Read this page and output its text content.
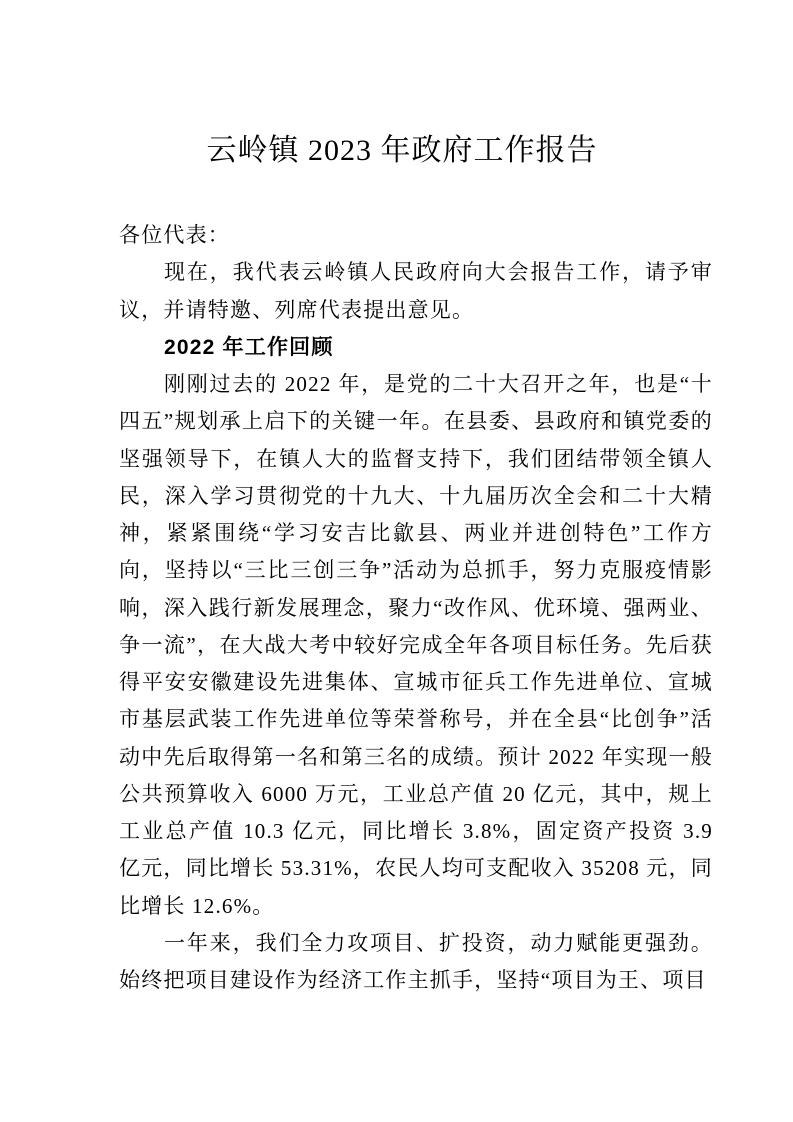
云岭镇 2023 年政府工作报告

各位代表：

现在，我代表云岭镇人民政府向大会报告工作，请予审议，并请特邀、列席代表提出意见。

2022 年工作回顾

刚刚过去的 2022 年，是党的二十大召开之年，也是“十四五”规划承上启下的关键一年。在县委、县政府和镇党委的坚强领导下，在镇人大的监督支持下，我们团结带领全镇人民，深入学习贯彻党的十九大、十九届历次全会和二十大精神，紧紧围绕“学习安吉比歙县、两业并进创特色”工作方向，坚持以“三比三创三争”活动为总抓手，努力克服疫情影响，深入践行新发展理念，聚力“改作风、优环境、强两业、争一流”，在大战大考中较好完成全年各项目标任务。先后获得平安安徽建设先进集体、宣城市征兵工作先进单位、宣城市基层武装工作先进单位等荣誉称号，并在全县“比创争”活动中先后取得第一名和第三名的成绩。预计 2022 年实现一般公共预算收入 6000 万元，工业总产值 20 亿元，其中，规上工业总产值 10.3 亿元，同比增长 3.8%，固定资产投资 3.9 亿元，同比增长 53.31%，农民人均可支配收入 35208 元，同比增长 12.6%。

一年来，我们全力攻项目、扩投资，动力赋能更强劲。始终把项目建设作为经济工作主抓手，坚持“项目为王、项目
